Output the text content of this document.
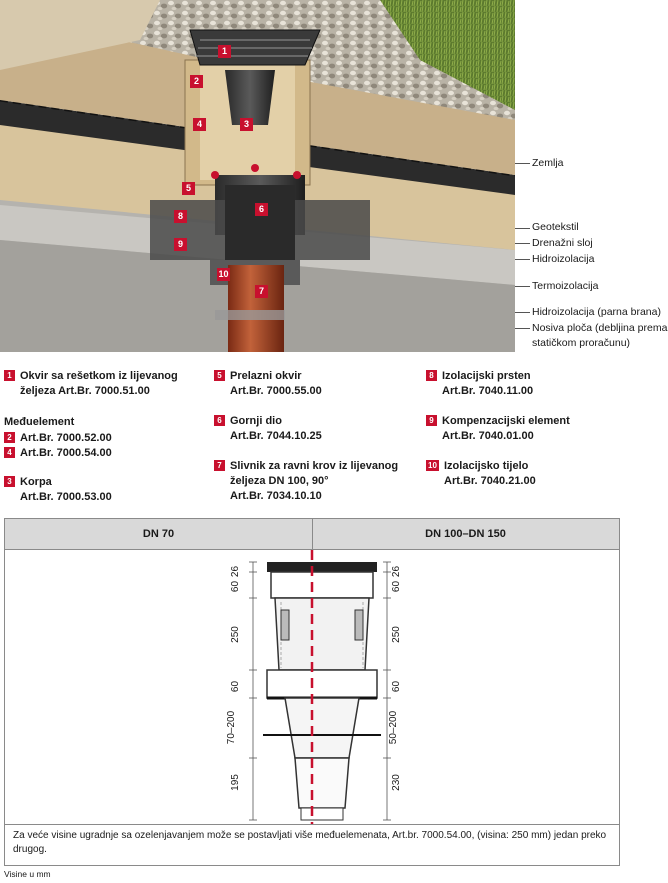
1
2
3
4
5
6
7
8
9
10
Zemlja
Geotekstil
Drenažni sloj
Hidroizolacija
Termoizolacija
Hidroizolacija (parna brana)
Nosiva ploča (debljina prema
statičkom proračunu)
1 Okvir sa rešetkom iz lijevanog
željeza Art.Br. 7000.51.00
Međuelement
2 Art.Br. 7000.52.00
4 Art.Br. 7000.54.00
3 Korpa
Art.Br. 7000.53.00
5 Prelazni okvir
Art.Br. 7000.55.00
6 Gornji dio
Art.Br. 7044.10.25
7 Slivnik za ravni krov iz lijevanog
željeza DN 100, 90°
Art.Br. 7034.10.10
8 Izolacijski prsten
Art.Br. 7040.11.00
9 Kompenzacijski element
Art.Br. 7040.01.00
10 Izolacijsko tijelo
Art.Br. 7040.21.00
DN 70	DN 100–DN 150
26
60
250
60
70–200
195
26
60
250
60
50–200
230
Za veće visine ugradnje sa ozelenjavanjem može se postavljati više međuelemenata, Art.br. 7000.54.00, (visina: 250 mm) jedan preko drugog.
Visine u mm
